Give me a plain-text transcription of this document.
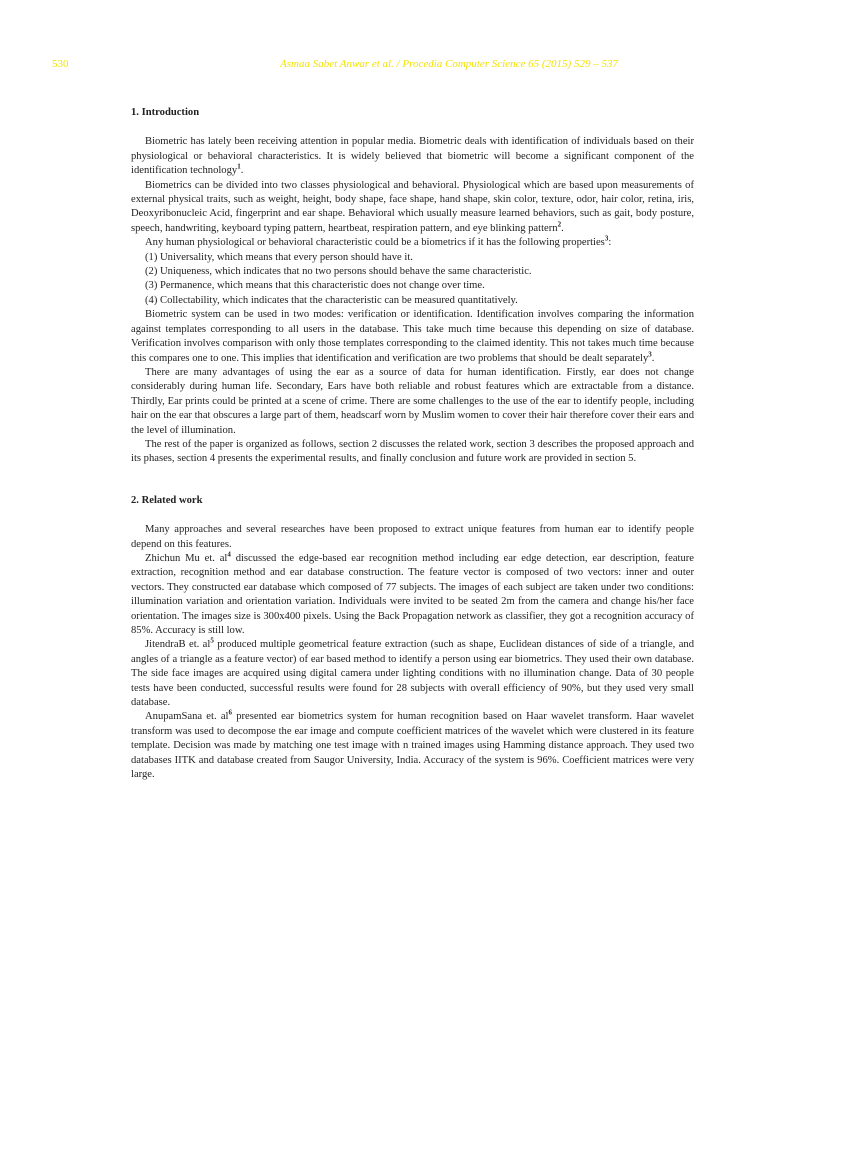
530	Asmaa Sabet Anwar et al. / Procedia Computer Science 65 (2015) 529 – 537
1. Introduction

Biometric has lately been receiving attention in popular media. Biometric deals with identification of individuals based on their physiological or behavioral characteristics. It is widely believed that biometric will become a significant component of the identification technology$^1$.

Biometrics can be divided into two classes physiological and behavioral. Physiological which are based upon measurements of external physical traits, such as weight, height, body shape, face shape, hand shape, skin color, texture, odor, hair color, retina, iris, Deoxyribonucleic Acid, fingerprint and ear shape. Behavioral which usually measure learned behaviors, such as gait, body posture, speech, handwriting, keyboard typing pattern, heartbeat, respiration pattern, and eye blinking pattern$^2$.

Any human physiological or behavioral characteristic could be a biometrics if it has the following properties$^3$:

(1) Universality, which means that every person should have it.

(2) Uniqueness, which indicates that no two persons should behave the same characteristic.

(3) Permanence, which means that this characteristic does not change over time.

(4) Collectability, which indicates that the characteristic can be measured quantitatively.

Biometric system can be used in two modes: verification or identification. Identification involves comparing the information against templates corresponding to all users in the database. This take much time because this depending on size of database. Verification involves comparison with only those templates corresponding to the claimed identity. This not takes much time because this compares one to one. This implies that identification and verification are two problems that should be dealt separately$^3$.

There are many advantages of using the ear as a source of data for human identification. Firstly, ear does not change considerably during human life. Secondary, Ears have both reliable and robust features which are extractable from a distance. Thirdly, Ear prints could be printed at a scene of crime. There are some challenges to the use of the ear to identify people, including hair on the ear that obscures a large part of them, headscarf worn by Muslim women to cover their hair therefore cover their ears and the level of illumination.

The rest of the paper is organized as follows, section 2 discusses the related work, section 3 describes the proposed approach and its phases, section 4 presents the experimental results, and finally conclusion and future work are provided in section 5.

2. Related work

Many approaches and several researches have been proposed to extract unique features from human ear to identify people depend on this features.

Zhichun Mu et. al$^4$ discussed the edge-based ear recognition method including ear edge detection, ear description, feature extraction, recognition method and ear database construction. The feature vector is composed of two vectors: inner and outer vectors. They constructed ear database which composed of 77 subjects. The images of each subject are taken under two conditions: illumination variation and orientation variation. Individuals were invited to be seated 2m from the camera and change his/her face orientation. The images size is 300x400 pixels. Using the Back Propagation network as classifier, they got a recognition accuracy of 85%. Accuracy is still low.

JitendraB et. al$^5$ produced multiple geometrical feature extraction (such as shape, Euclidean distances of side of a triangle, and angles of a triangle as a feature vector) of ear based method to identify a person using ear biometrics. They used their own database. The side face images are acquired using digital camera under lighting conditions with no illumination change. Data of 30 people tests have been conducted, successful results were found for 28 subjects with overall efficiency of 90%, but they used very small database.

AnupamSana et. al$^6$ presented ear biometrics system for human recognition based on Haar wavelet transform. Haar wavelet transform was used to decompose the ear image and compute coefficient matrices of the wavelet which were clustered in its feature template. Decision was made by matching one test image with n trained images using Hamming distance approach. They used two databases IITK and database created from Saugor University, India. Accuracy of the system is 96%. Coefficient matrices were very large.
